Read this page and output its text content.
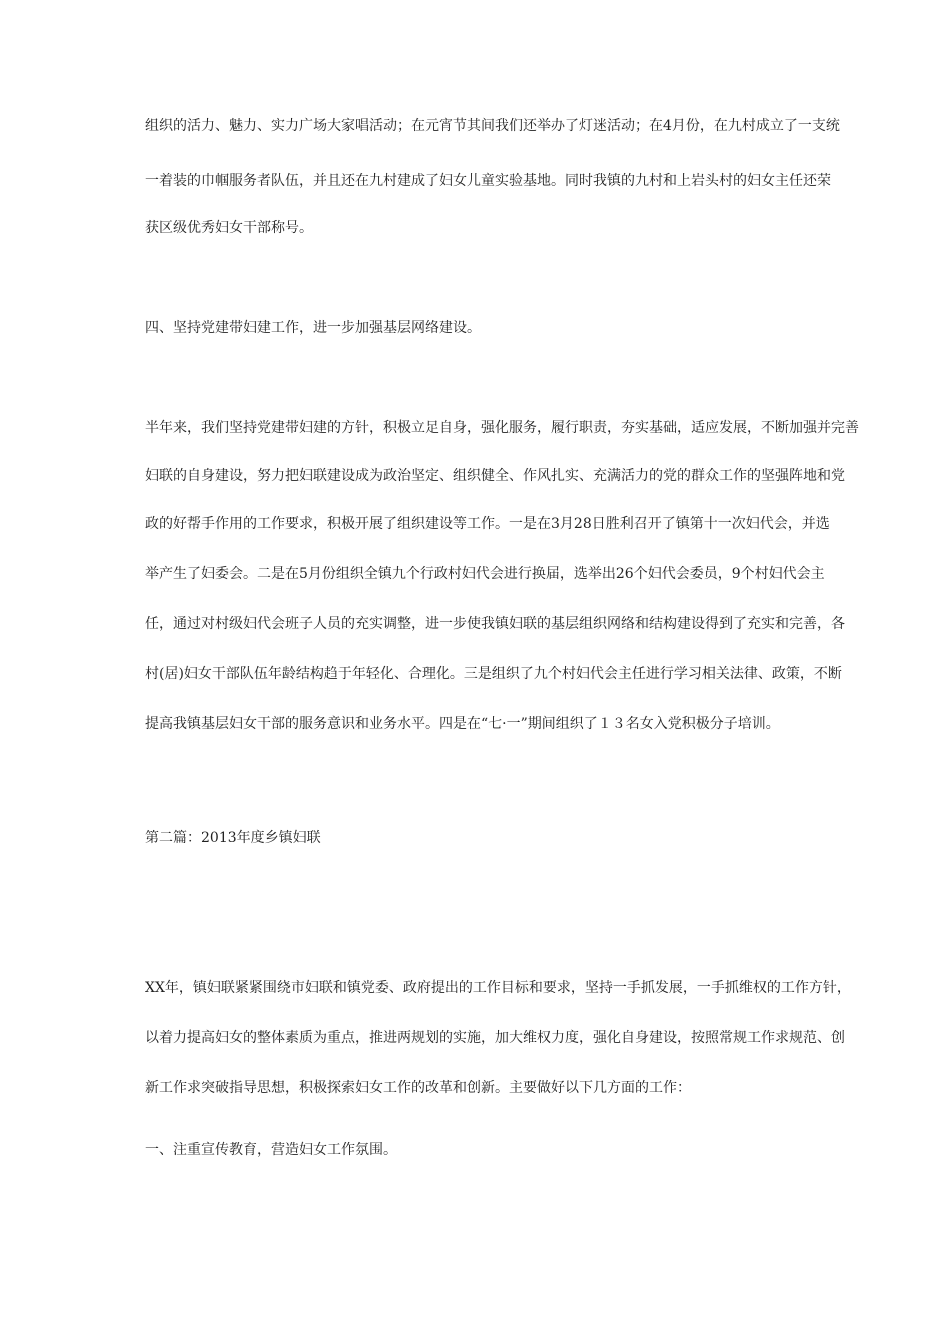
组织的活力、魅力、实力广场大家唱活动；在元宵节其间我们还举办了灯迷活动；在4月份，在九村成立了一支统
一着装的巾帼服务者队伍，并且还在九村建成了妇女儿童实验基地。同时我镇的九村和上岩头村的妇女主任还荣
获区级优秀妇女干部称号。
四、坚持党建带妇建工作，进一步加强基层网络建设。
半年来，我们坚持党建带妇建的方针，积极立足自身，强化服务，履行职责，夯实基础，适应发展，不断加强并完善
妇联的自身建设，努力把妇联建设成为政治坚定、组织健全、作风扎实、充满活力的党的群众工作的坚强阵地和党
政的好帮手作用的工作要求，积极开展了组织建设等工作。一是在3月28日胜利召开了镇第十一次妇代会，并选
举产生了妇委会。二是在5月份组织全镇九个行政村妇代会进行换届，选举出26个妇代会委员，9个村妇代会主
任，通过对村级妇代会班子人员的充实调整，进一步使我镇妇联的基层组织网络和结构建设得到了充实和完善，各
村(居)妇女干部队伍年龄结构趋于年轻化、合理化。三是组织了九个村妇代会主任进行学习相关法律、政策，不断
提高我镇基层妇女干部的服务意识和业务水平。四是在“七·一”期间组织了１３名女入党积极分子培训。
第二篇：2013年度乡镇妇联
XX年，镇妇联紧紧围绕市妇联和镇党委、政府提出的工作目标和要求，坚持一手抓发展，一手抓维权的工作方针，
以着力提高妇女的整体素质为重点，推进两规划的实施，加大维权力度，强化自身建设，按照常规工作求规范、创
新工作求突破指导思想，积极探索妇女工作的改革和创新。主要做好以下几方面的工作：
一、注重宣传教育，营造妇女工作氛围。
